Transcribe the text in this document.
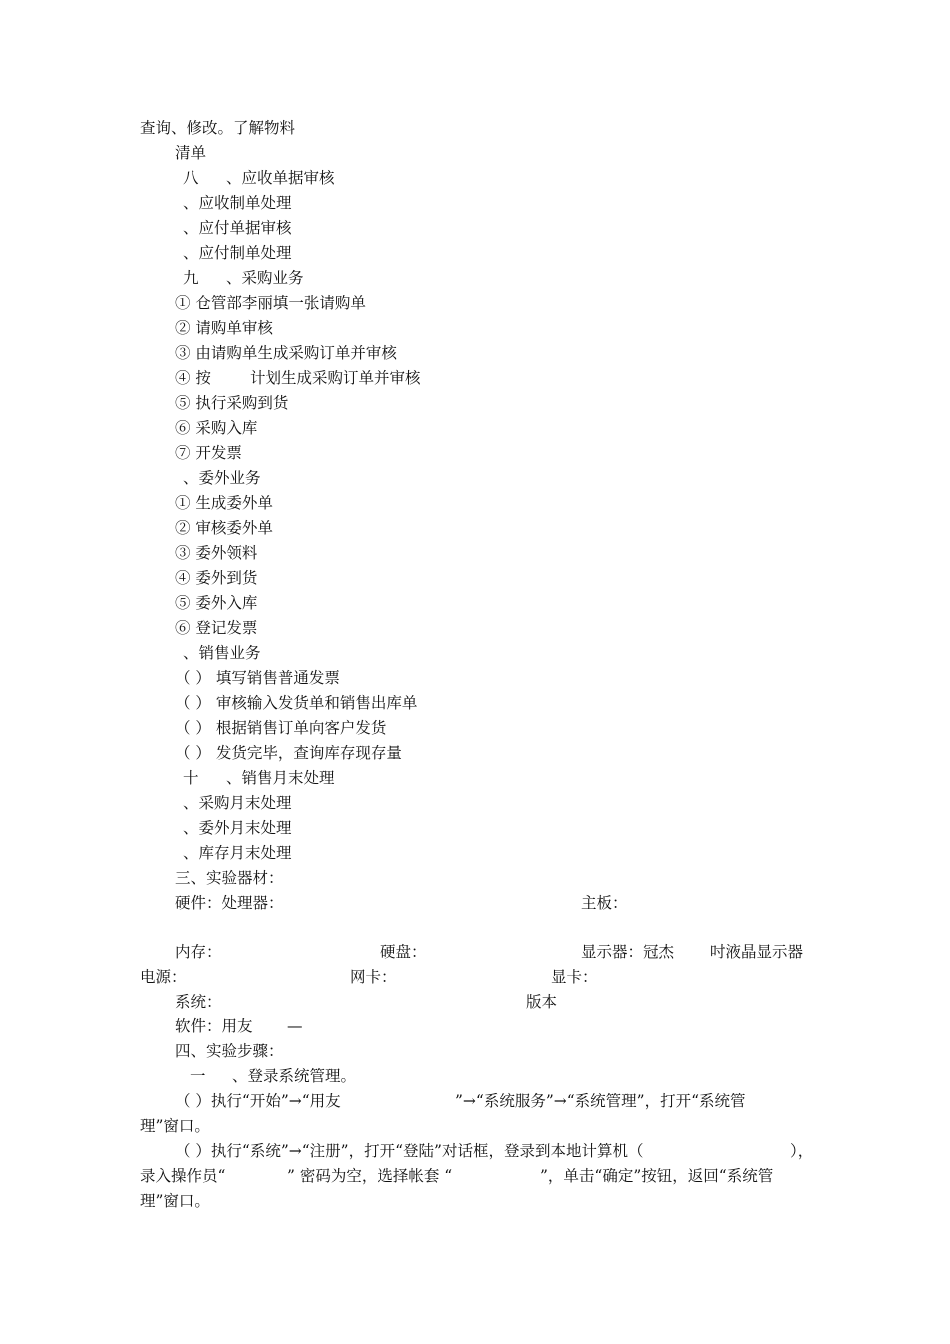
查询、修改。了解物料
清单
八 、应收单据审核
、应收制单处理
、应付单据审核
、应付制单处理
九 、采购业务
① 仓管部李丽填一张请购单
② 请购单审核
③ 由请购单生成采购订单并审核
④ 按	计划生成采购订单并审核
⑤ 执行采购到货
⑥ 采购入库
⑦ 开发票
、委外业务
① 生成委外单
② 审核委外单
③ 委外领料
④ 委外到货
⑤ 委外入库
⑥ 登记发票
、销售业务
（ ） 填写销售普通发票
（ ） 审核输入发货单和销售出库单
（ ） 根据销售订单向客户发货
（ ） 发货完毕，查询库存现存量
十 、销售月末处理
、采购月末处理
、委外月末处理
、库存月末处理
三、实验器材：
硬件：处理器：	主板：
内存：	硬盘：	显示器：冠杰 吋液晶显示器
电源：	网卡：	显卡：
系统：	版本
软件：用友 —
四、实验步骤：
一 、登录系统管理。
（ ）执行“开始”→“用友	”→“系统服务”→“系统管理”，打开“系统管
理”窗口。
（ ）执行“系统”→“注册”，打开“登陆”对话框，登录到本地计算机（	），
录入操作员“	” 密码为空，选择帐套 “	”，单击“确定”按钮，返回“系统管
理”窗口。
